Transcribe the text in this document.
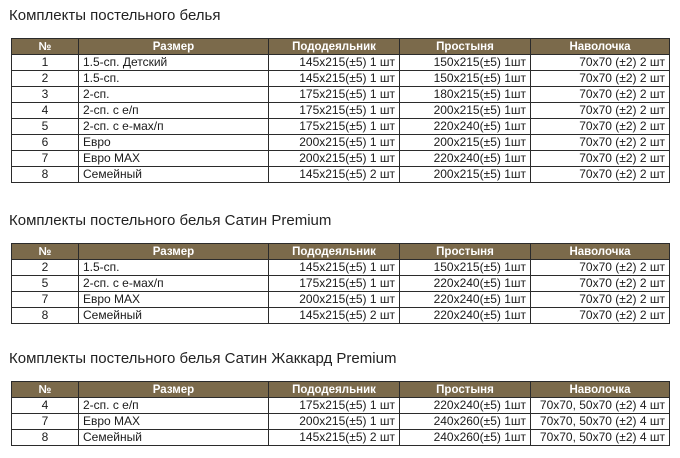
Комплекты постельного белья
№	Размер	Пододеяльник	Простыня	Наволочка
1	1.5-сп. Детский	145x215(±5) 1 шт	150x215(±5) 1шт	70x70 (±2) 2 шт
2	1.5-сп.	145x215(±5) 1 шт	150x215(±5) 1шт	70x70 (±2) 2 шт
3	2-сп.	175x215(±5) 1 шт	180x215(±5) 1шт	70x70 (±2) 2 шт
4	2-сп. с е/п	175x215(±5) 1 шт	200x215(±5) 1шт	70x70 (±2) 2 шт
5	2-сп. с е-мах/п	175x215(±5) 1 шт	220x240(±5) 1шт	70x70 (±2) 2 шт
6	Евро	200x215(±5) 1 шт	200x215(±5) 1шт	70x70 (±2) 2 шт
7	Евро МАХ	200x215(±5) 1 шт	220x240(±5) 1шт	70x70 (±2) 2 шт
8	Семейный	145x215(±5) 2 шт	200x215(±5) 1шт	70x70 (±2) 2 шт
Комплекты постельного белья Сатин Premium
№	Размер	Пододеяльник	Простыня	Наволочка
2	1.5-сп.	145x215(±5) 1 шт	150x215(±5) 1шт	70x70 (±2) 2 шт
5	2-сп. с е-мах/п	175x215(±5) 1 шт	220x240(±5) 1шт	70x70 (±2) 2 шт
7	Евро МАХ	200x215(±5) 1 шт	220x240(±5) 1шт	70x70 (±2) 2 шт
8	Семейный	145x215(±5) 2 шт	220x240(±5) 1шт	70x70 (±2) 2 шт
Комплекты постельного белья Сатин Жаккард Premium
№	Размер	Пододеяльник	Простыня	Наволочка
4	2-сп. с е/п	175x215(±5) 1 шт	220x240(±5) 1шт	70x70, 50x70 (±2) 4 шт
7	Евро МАХ	200x215(±5) 1 шт	240x260(±5) 1шт	70x70, 50x70 (±2) 4 шт
8	Семейный	145x215(±5) 2 шт	240x260(±5) 1шт	70x70, 50x70 (±2) 4 шт
